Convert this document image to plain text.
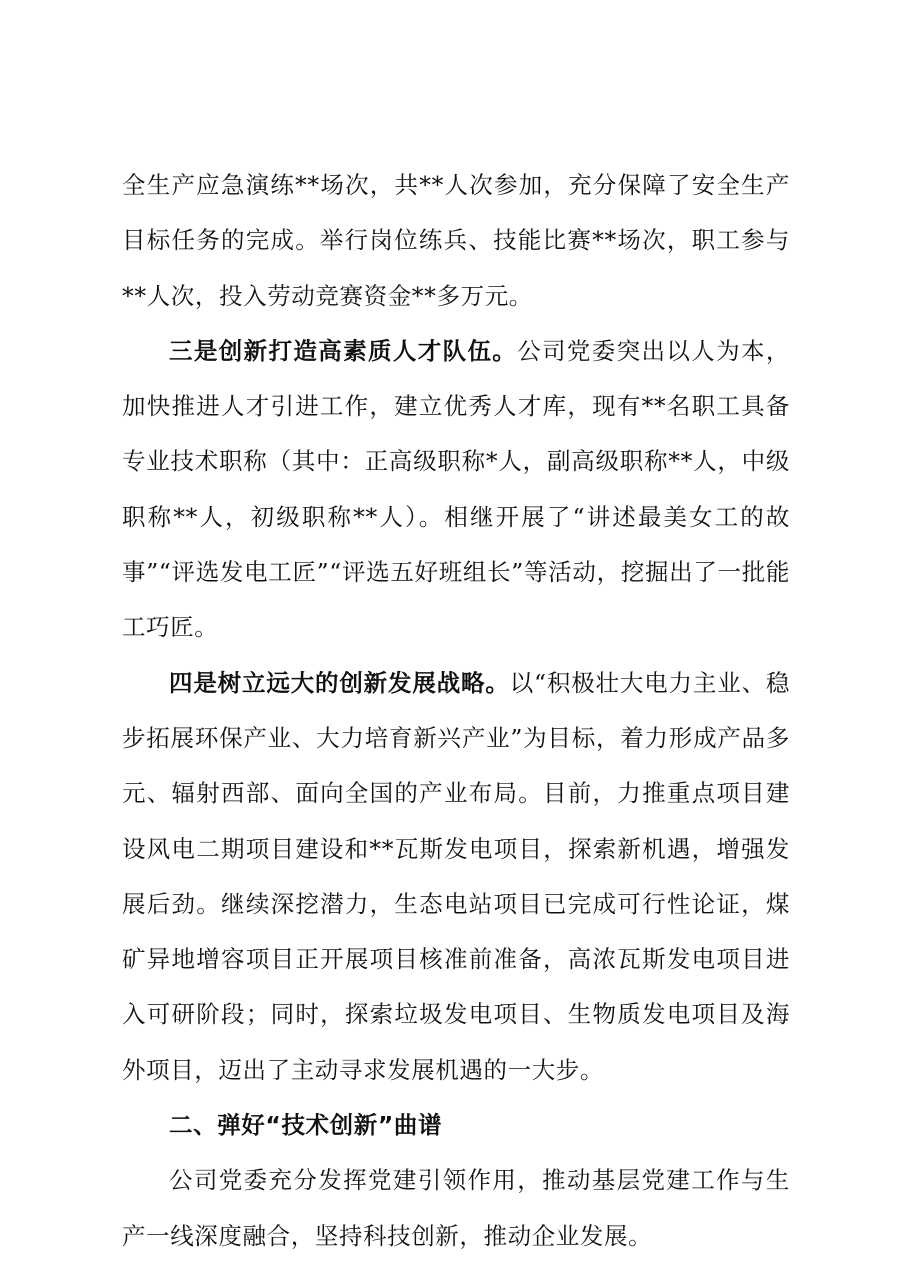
全生产应急演练**场次，共**人次参加，充分保障了安全生产目标任务的完成。举行岗位练兵、技能比赛**场次，职工参与**人次，投入劳动竞赛资金**多万元。

三是创新打造高素质人才队伍。公司党委突出以人为本，加快推进人才引进工作，建立优秀人才库，现有**名职工具备专业技术职称（其中：正高级职称*人，副高级职称**人，中级职称**人，初级职称**人）。相继开展了“讲述最美女工的故事”“评选发电工匠”“评选五好班组长”等活动，挖掘出了一批能工巧匠。

四是树立远大的创新发展战略。以“积极壮大电力主业、稳步拓展环保产业、大力培育新兴产业”为目标，着力形成产品多元、辐射西部、面向全国的产业布局。目前，力推重点项目建设风电二期项目建设和**瓦斯发电项目，探索新机遇，增强发展后劲。继续深挖潜力，生态电站项目已完成可行性论证，煤矿异地增容项目正开展项目核准前准备，高浓瓦斯发电项目进入可研阶段；同时，探索垃圾发电项目、生物质发电项目及海外项目，迈出了主动寻求发展机遇的一大步。

二、弹好“技术创新”曲谱

公司党委充分发挥党建引领作用，推动基层党建工作与生产一线深度融合，坚持科技创新，推动企业发展。
